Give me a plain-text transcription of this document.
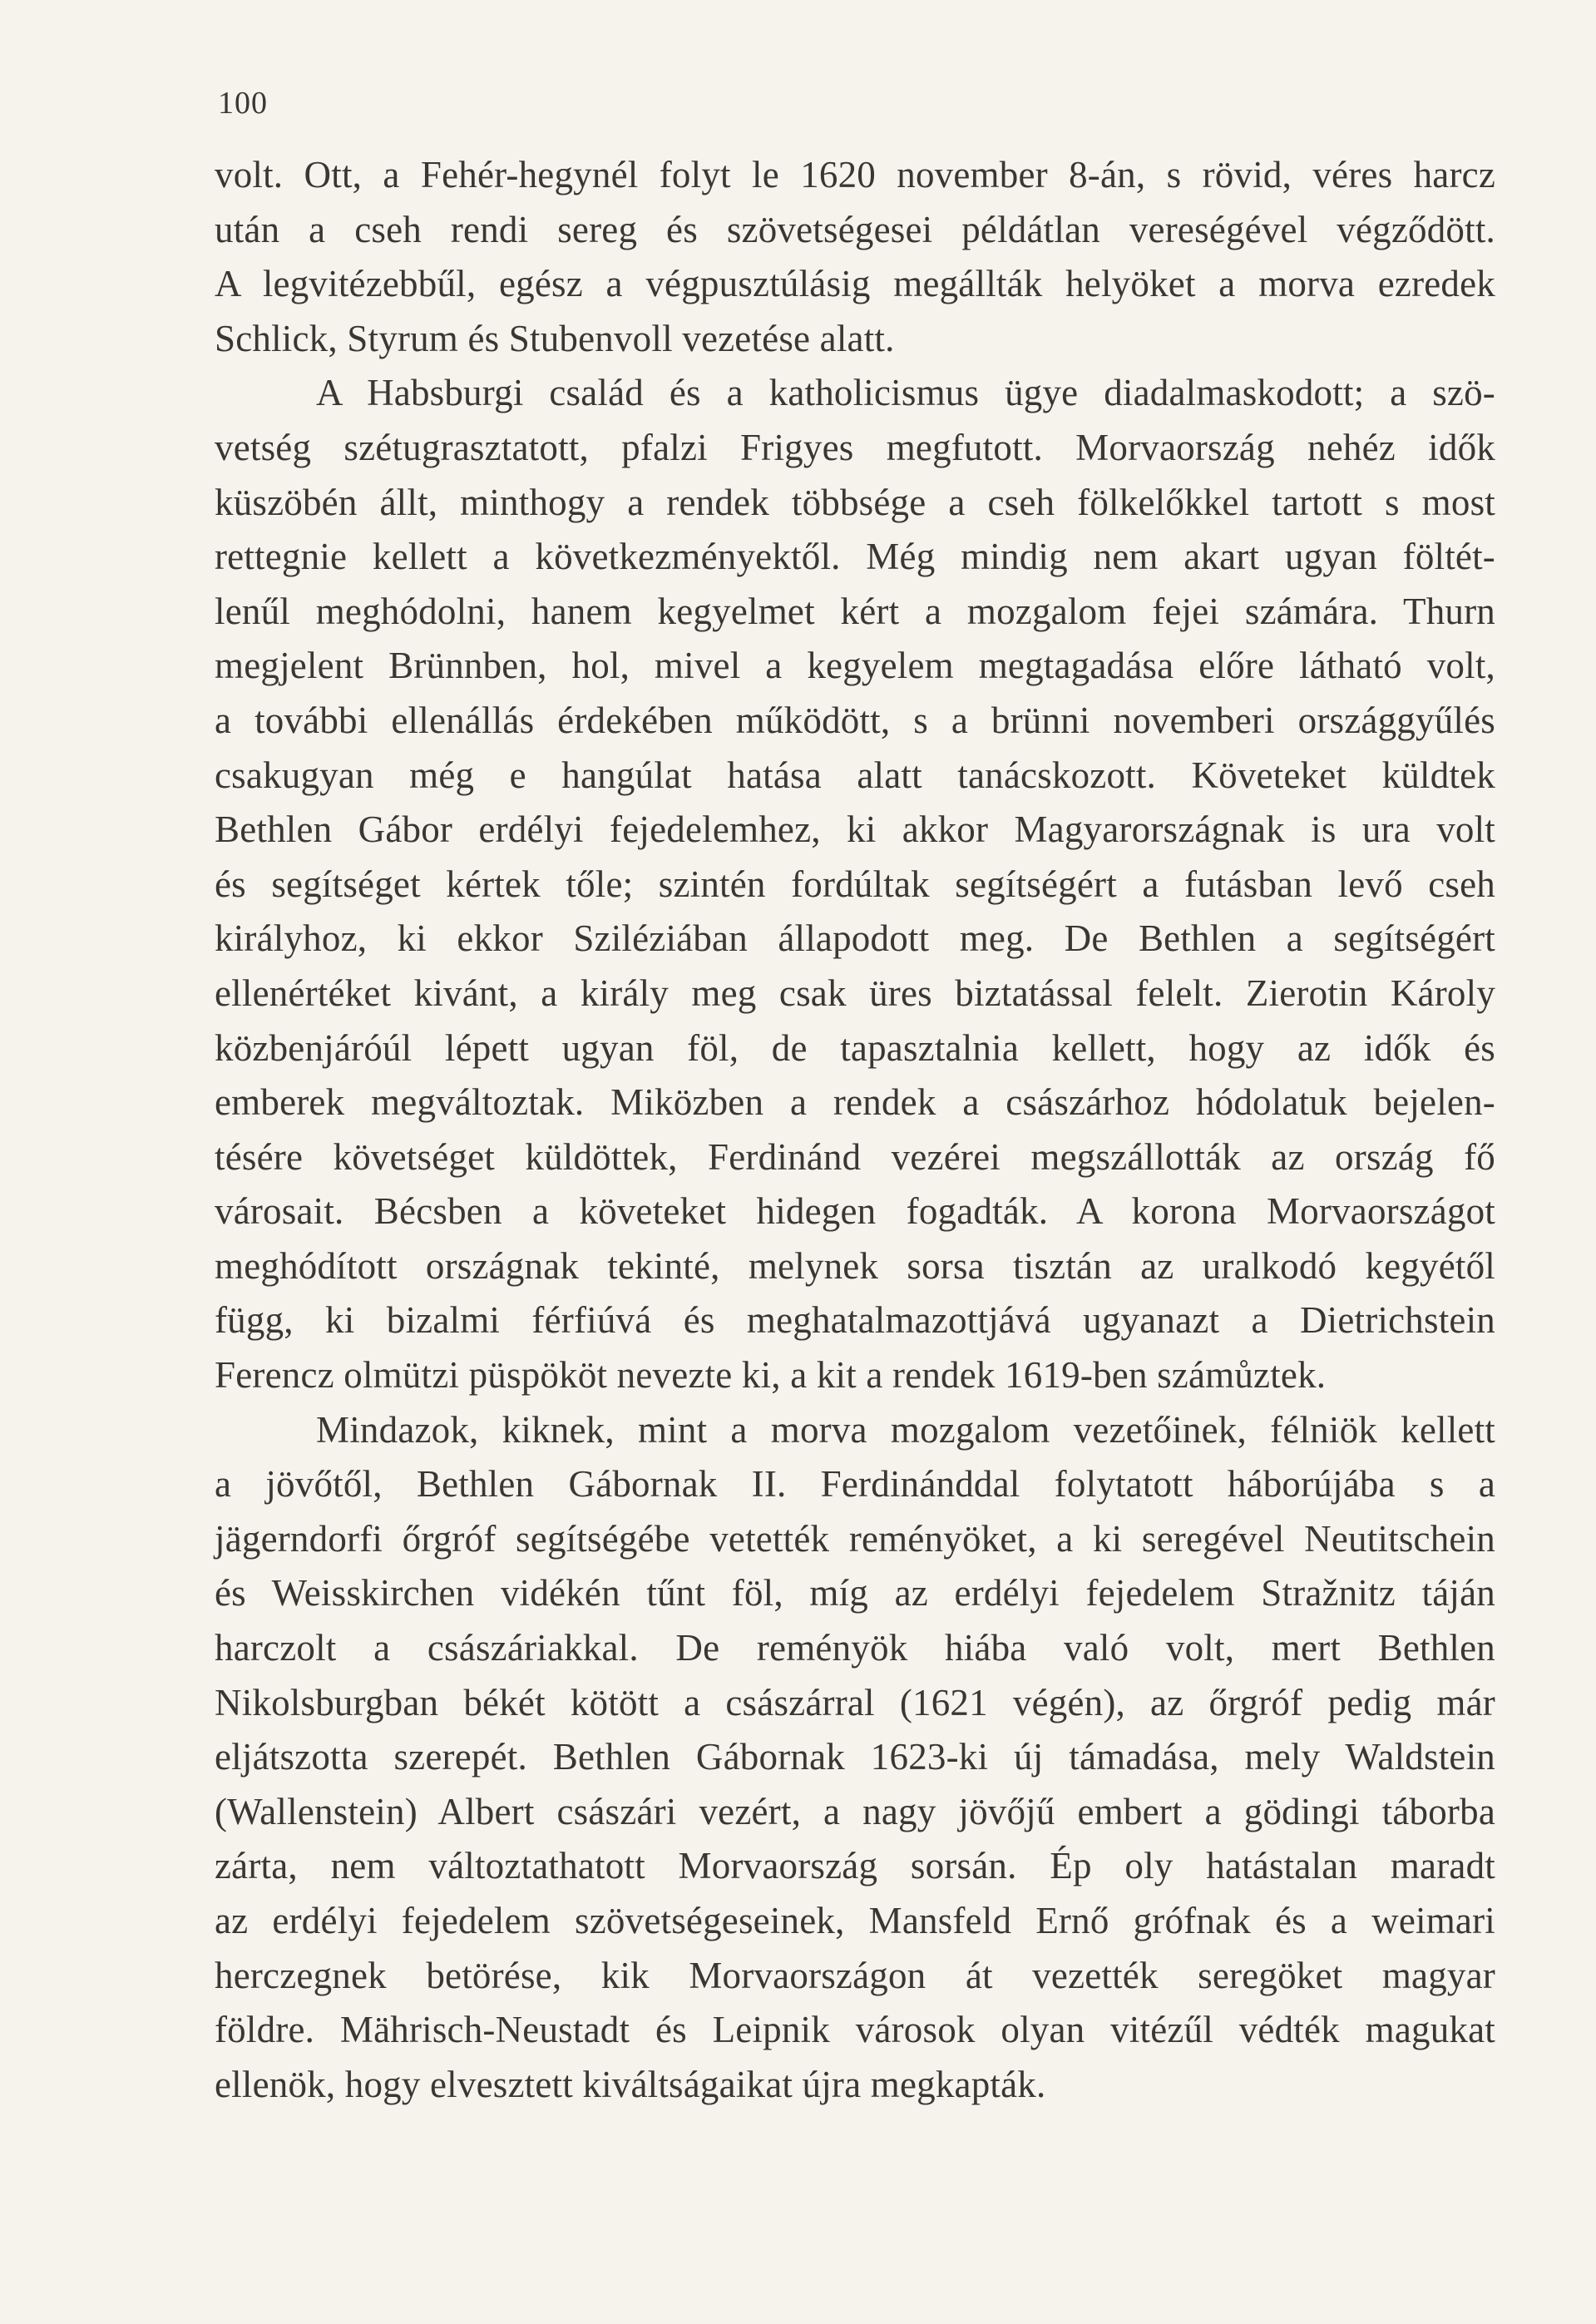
100
volt. Ott, a Fehér-hegynél folyt le 1620 november 8-án, s rövid, véres harcz
után a cseh rendi sereg és szövetségesei példátlan vereségével végződött.
A legvitézebbűl, egész a végpusztúlásig megállták helyöket a morva ezredek
Schlick, Styrum és Stubenvoll vezetése alatt.
A Habsburgi család és a katholicismus ügye diadalmaskodott; a szö-
vetség szétugrasztatott, pfalzi Frigyes megfutott. Morvaország nehéz idők
küszöbén állt, minthogy a rendek többsége a cseh fölkelőkkel tartott s most
rettegnie kellett a következményektől. Még mindig nem akart ugyan föltét-
lenűl meghódolni, hanem kegyelmet kért a mozgalom fejei számára. Thurn
megjelent Brünnben, hol, mivel a kegyelem megtagadása előre látható volt,
a további ellenállás érdekében működött, s a brünni novemberi országgyűlés
csakugyan még e hangúlat hatása alatt tanácskozott. Követeket küldtek
Bethlen Gábor erdélyi fejedelemhez, ki akkor Magyarországnak is ura volt
és segítséget kértek tőle; szintén fordúltak segítségért a futásban levő cseh
királyhoz, ki ekkor Sziléziában állapodott meg. De Bethlen a segítségért
ellenértéket kivánt, a király meg csak üres biztatással felelt. Zierotin Károly
közbenjáróúl lépett ugyan föl, de tapasztalnia kellett, hogy az idők és
emberek megváltoztak. Miközben a rendek a császárhoz hódolatuk bejelen-
tésére követséget küldöttek, Ferdinánd vezérei megszállották az ország fő
városait. Bécsben a követeket hidegen fogadták. A korona Morvaországot
meghódított országnak tekinté, melynek sorsa tisztán az uralkodó kegyétől
függ, ki bizalmi férfiúvá és meghatalmazottjává ugyanazt a Dietrichstein
Ferencz olmützi püspököt nevezte ki, a kit a rendek 1619-ben számůztek.
Mindazok, kiknek, mint a morva mozgalom vezetőinek, félniök kellett
a jövőtől, Bethlen Gábornak II. Ferdinánddal folytatott háborújába s a
jägerndorfi őrgróf segítségébe vetették reményöket, a ki seregével Neutitschein
és Weisskirchen vidékén tűnt föl, míg az erdélyi fejedelem Stražnitz táján
harczolt a császáriakkal. De reményök hiába való volt, mert Bethlen
Nikolsburgban békét kötött a császárral (1621 végén), az őrgróf pedig már
eljátszotta szerepét. Bethlen Gábornak 1623-ki új támadása, mely Waldstein
(Wallenstein) Albert császári vezért, a nagy jövőjű embert a gödingi táborba
zárta, nem változtathatott Morvaország sorsán. Ép oly hatástalan maradt
az erdélyi fejedelem szövetségeseinek, Mansfeld Ernő grófnak és a weimari
herczegnek betörése, kik Morvaországon át vezették seregöket magyar
földre. Mährisch-Neustadt és Leipnik városok olyan vitézűl védték magukat
ellenök, hogy elvesztett kiváltságaikat újra megkapták.
